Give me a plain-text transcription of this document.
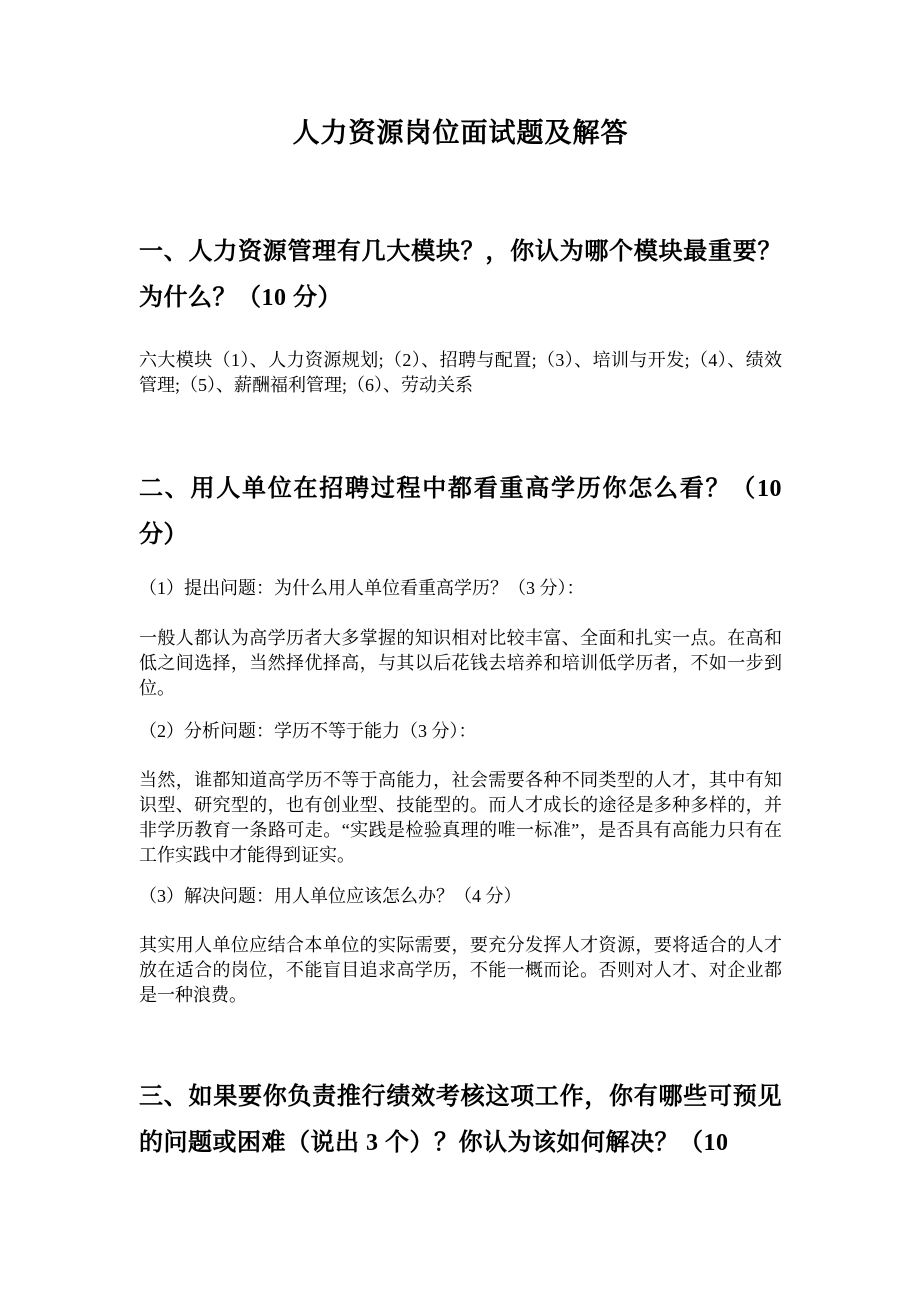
人力资源岗位面试题及解答
一、人力资源管理有几大模块？，你认为哪个模块最重要？为什么？（10 分）

六大模块（1）、人力资源规划;（2）、招聘与配置;（3）、培训与开发;（4）、绩效管理;（5）、薪酬福利管理;（6）、劳动关系

二、用人单位在招聘过程中都看重高学历你怎么看？（10 分）

（1）提出问题：为什么用人单位看重高学历？（3 分）：

一般人都认为高学历者大多掌握的知识相对比较丰富、全面和扎实一点。在高和低之间选择，当然择优择高，与其以后花钱去培养和培训低学历者，不如一步到位。

（2）分析问题：学历不等于能力（3 分）：

当然，谁都知道高学历不等于高能力，社会需要各种不同类型的人才，其中有知识型、研究型的，也有创业型、技能型的。而人才成长的途径是多种多样的，并非学历教育一条路可走。“实践是检验真理的唯一标准”，是否具有高能力只有在工作实践中才能得到证实。

（3）解决问题：用人单位应该怎么办？（4 分）

其实用人单位应结合本单位的实际需要，要充分发挥人才资源，要将适合的人才放在适合的岗位，不能盲目追求高学历，不能一概而论。否则对人才、对企业都是一种浪费。

三、如果要你负责推行绩效考核这项工作，你有哪些可预见的问题或困难（说出 3 个）？你认为该如何解决？（10
